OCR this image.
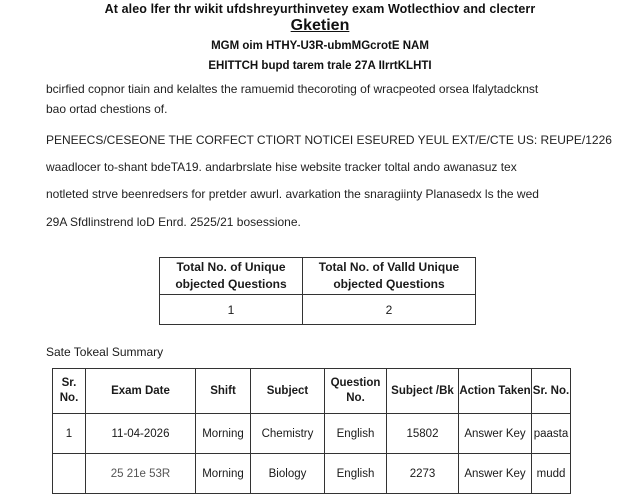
At aleo lfer thr wikit ufdshreyurthinvetey exam Wotlecthiov and clecterr
Gketien
MGM oim HTHY-U3R-ubmMGcrotE NAM
EHITTCH bupd tarem trale 27A IIrrtKLHTI
bcirfied copnor tiain and kelaltes the ramuemid thecoroting of wracpeoted orsea lfalytadcknst
bao ortad chestions of.
PENEECS/CESEONE THE CORFECT CTIORT NOTICEI ESEURED YEUL EXT/E/CTE US: REUPE/1226
waadlocer to-shant bdeTA19. andarbrslate hise website tracker toltal ando awanasuz tex
notleted strve beenredsers for pretder awurl. avarkation the snaragiinty Planasedx ls the wed
29A Sfdlinstrend loD Enrd. 2525/21 bosessione.
Total No. of Unique objected Questions	Total No. of Valld Unique objected Questions
1	2
Sate Tokeal Summary
Sr. No.	Exam Date	Shift	Subject	Question No.	Subject /Bk	Action Taken	Sr. No.
1	11-04-2026	Morning	Chemistry	English	15802	Answer Key	paasta
	25 21e 53R	Morning	Biology	English	2273	Answer Key	mudd
